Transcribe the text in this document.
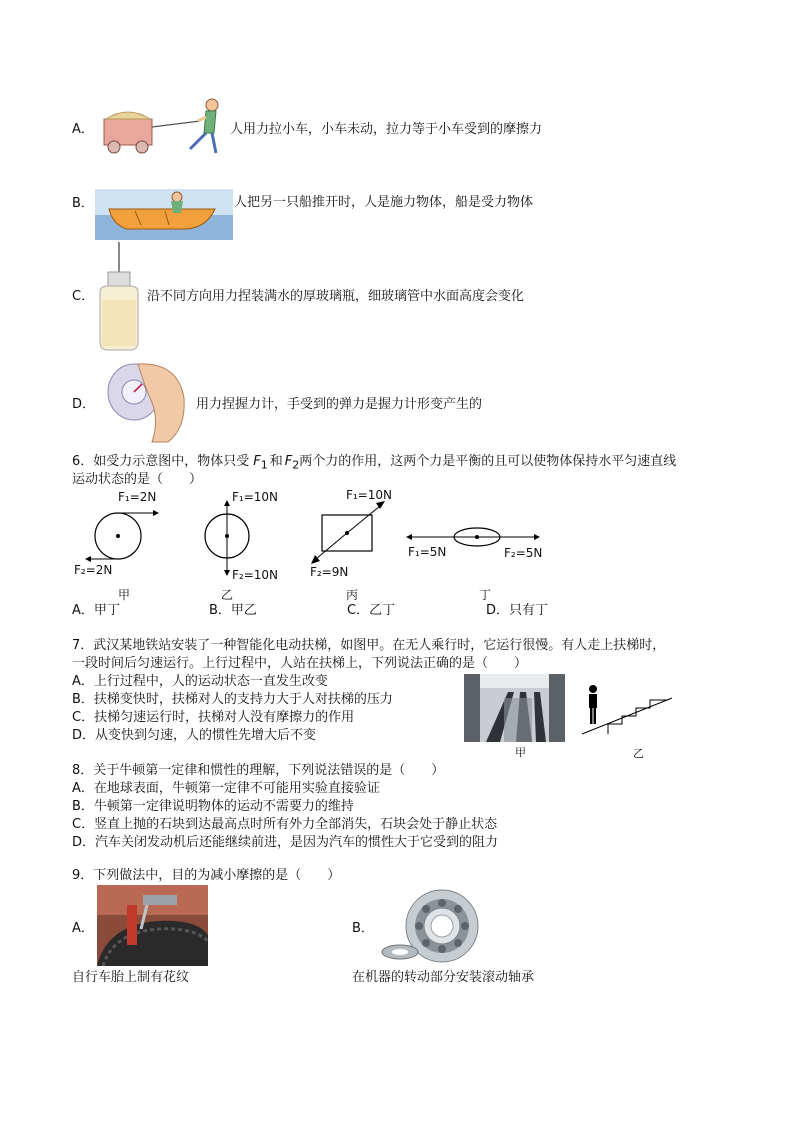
A．	人用力拉小车，小车未动，拉力等于小车受到的摩擦力
B．	人把另一只船推开时，人是施力物体，船是受力物体
C．	沿不同方向用力捏装满水的厚玻璃瓶，细玻璃管中水面高度会变化
D．	用力捏握力计，手受到的弹力是握力计形变产生的
6．如受力示意图中，物体只受 $F_1$ 和 $F_2$两个力的作用，这两个力是平衡的且可以使物体保持水平匀速直线
运动状态的是（　　）
F₁=2N
F₂=2N
甲
F₁=10N
F₂=10N
乙
F₁=10N
F₂=9N
丙
F₁=5N	F₂=5N
丁
A．甲丁	B．甲乙	C．乙丁	D．只有丁
7．武汉某地铁站安装了一种智能化电动扶梯，如图甲。在无人乘行时，它运行很慢。有人走上扶梯时，
一段时间后匀速运行。上行过程中，人站在扶梯上，下列说法正确的是（　　）
A．上行过程中，人的运动状态一直发生改变
B．扶梯变快时，扶梯对人的支持力大于人对扶梯的压力
C．扶梯匀速运行时，扶梯对人没有摩擦力的作用
D．从变快到匀速，人的惯性先增大后不变
甲	乙
8．关于牛顿第一定律和惯性的理解，下列说法错误的是（　　）
A．在地球表面，牛顿第一定律不可能用实验直接验证
B．牛顿第一定律说明物体的运动不需要力的维持
C．竖直上抛的石块到达最高点时所有外力全部消失，石块会处于静止状态
D．汽车关闭发动机后还能继续前进，是因为汽车的惯性大于它受到的阻力
9．下列做法中，目的为减小摩擦的是（　　）
A．
自行车胎上制有花纹
B．
在机器的转动部分安装滚动轴承
